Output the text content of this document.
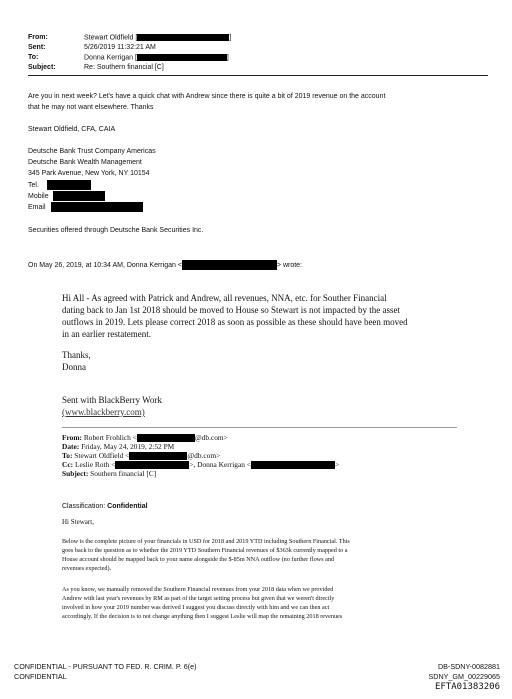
From:	Stewart Oldfield [	]
Sent:	5/26/2019 11:32:21 AM
To:	Donna Kerrigan [	]
Subject:	Re: Southern financial [C]
Are you in next week? Let's have a quick chat with Andrew since there is quite a bit of 2019 revenue on the account
that he may not want elsewhere. Thanks
Stewart Oldfield, CFA, CAIA
Deutsche Bank Trust Company Americas
Deutsche Bank Wealth Management
345 Park Avenue, New York, NY 10154
Tel.
Mobile
Email
Securities offered through Deutsche Bank Securities Inc.
On May 26, 2019, at 10:34 AM, Donna Kerrigan <	> wrote:
Hi All - As agreed with Patrick and Andrew, all revenues, NNA, etc. for Souther Financial
dating back to Jan 1st 2018 should be moved to House so Stewart is not impacted by the asset
outflows in 2019. Lets please correct 2018 as soon as possible as these should have been moved
in an earlier restatement.
Thanks,
Donna
Sent with BlackBerry Work
(www.blackberry.com)
From: Robert Frohlich <	@db.com>
Date: Friday, May 24, 2019, 2:52 PM
To: Stewart Oldfield <	@db.com>
Cc: Leslie Roth <	>, Donna Kerrigan <	>
Subject: Southern financial [C]
Classification: Confidential
Hi Stewart,
Below is the complete picture of your financials in USD for 2018 and 2019 YTD including Southern Financial. This
goes back to the question as to whether the 2019 YTD Southern Financial revenues of $363k currently mapped to a
House account should be mapped back to your name alongside the $-85m NNA outflow (no further flows and
revenues expected).
As you know, we manually removed the Southern Financial revenues from your 2018 data when we provided
Andrew with last year's revenues by RM as part of the target setting process but given that we weren't directly
involved in how your 2019 number was derived I suggest you discuss directly with him and we can then act
accordingly. If the decision is to not change anything then I suggest Leslie will map the remaining 2018 revenues
CONFIDENTIAL - PURSUANT TO FED. R. CRIM. P. 6(e)
CONFIDENTIAL
DB-SDNY-0082881
SDNY_GM_00229065
EFTA01383206
